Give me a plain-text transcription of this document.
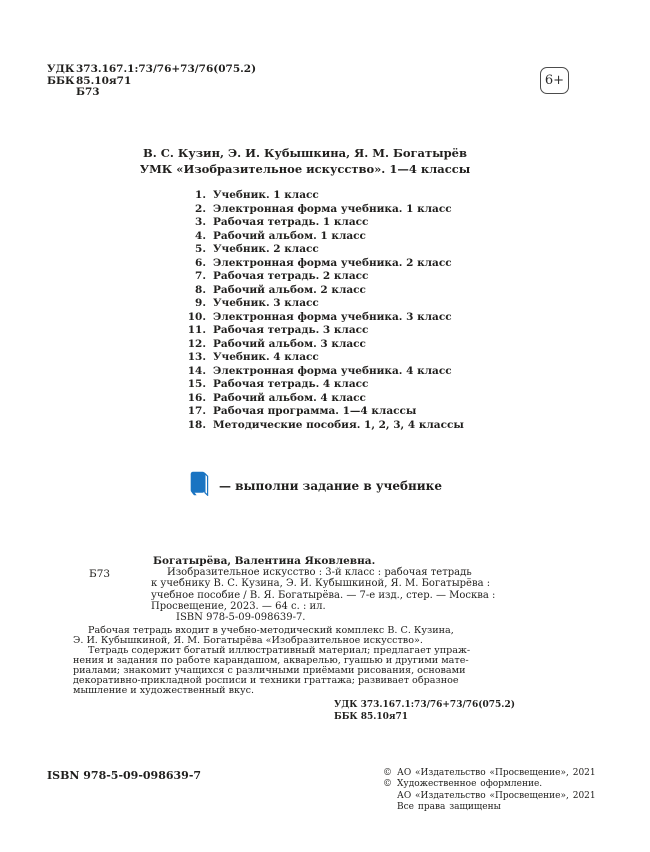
УДК 373.167.1:73/76+73/76(075.2)
ББК 85.10я71
Б73
6+
В. С. Кузин, Э. И. Кубышкина, Я. М. Богатырёв
УМК «Изобразительное искусство». 1—4 классы
1. Учебник. 1 класс
2. Электронная форма учебника. 1 класс
3. Рабочая тетрадь. 1 класс
4. Рабочий альбом. 1 класс
5. Учебник. 2 класс
6. Электронная форма учебника. 2 класс
7. Рабочая тетрадь. 2 класс
8. Рабочий альбом. 2 класс
9. Учебник. 3 класс
10. Электронная форма учебника. 3 класс
11. Рабочая тетрадь. 3 класс
12. Рабочий альбом. 3 класс
13. Учебник. 4 класс
14. Электронная форма учебника. 4 класс
15. Рабочая тетрадь. 4 класс
16. Рабочий альбом. 4 класс
17. Рабочая программа. 1—4 классы
18. Методические пособия. 1, 2, 3, 4 классы
— выполни задание в учебнике
Богатырёва, Валентина Яковлевна.
Б73	Изобразительное искусство : 3-й класс : рабочая тетрадь
к учебнику В. С. Кузина, Э. И. Кубышкиной, Я. М. Богатырёва :
учебное пособие / В. Я. Богатырёва. — 7-е изд., стер. — Москва :
Просвещение, 2023. — 64 с. : ил.
ISBN 978-5-09-098639-7.
Рабочая тетрадь входит в учебно-методический комплекс В. С. Кузина,
Э. И. Кубышкиной, Я. М. Богатырёва «Изобразительное искусство».
Тетрадь содержит богатый иллюстративный материал; предлагает упраж-
нения и задания по работе карандашом, акварелью, гуашью и другими мате-
риалами; знакомит учащихся с различными приёмами рисования, основами
декоративно-прикладной росписи и техники граттажа; развивает образное
мышление и художественный вкус.
УДК 373.167.1:73/76+73/76(075.2)
ББК 85.10я71
ISBN 978-5-09-098639-7	© АО «Издательство «Просвещение», 2021
© Художественное оформление.
АО «Издательство «Просвещение», 2021
Все права защищены
